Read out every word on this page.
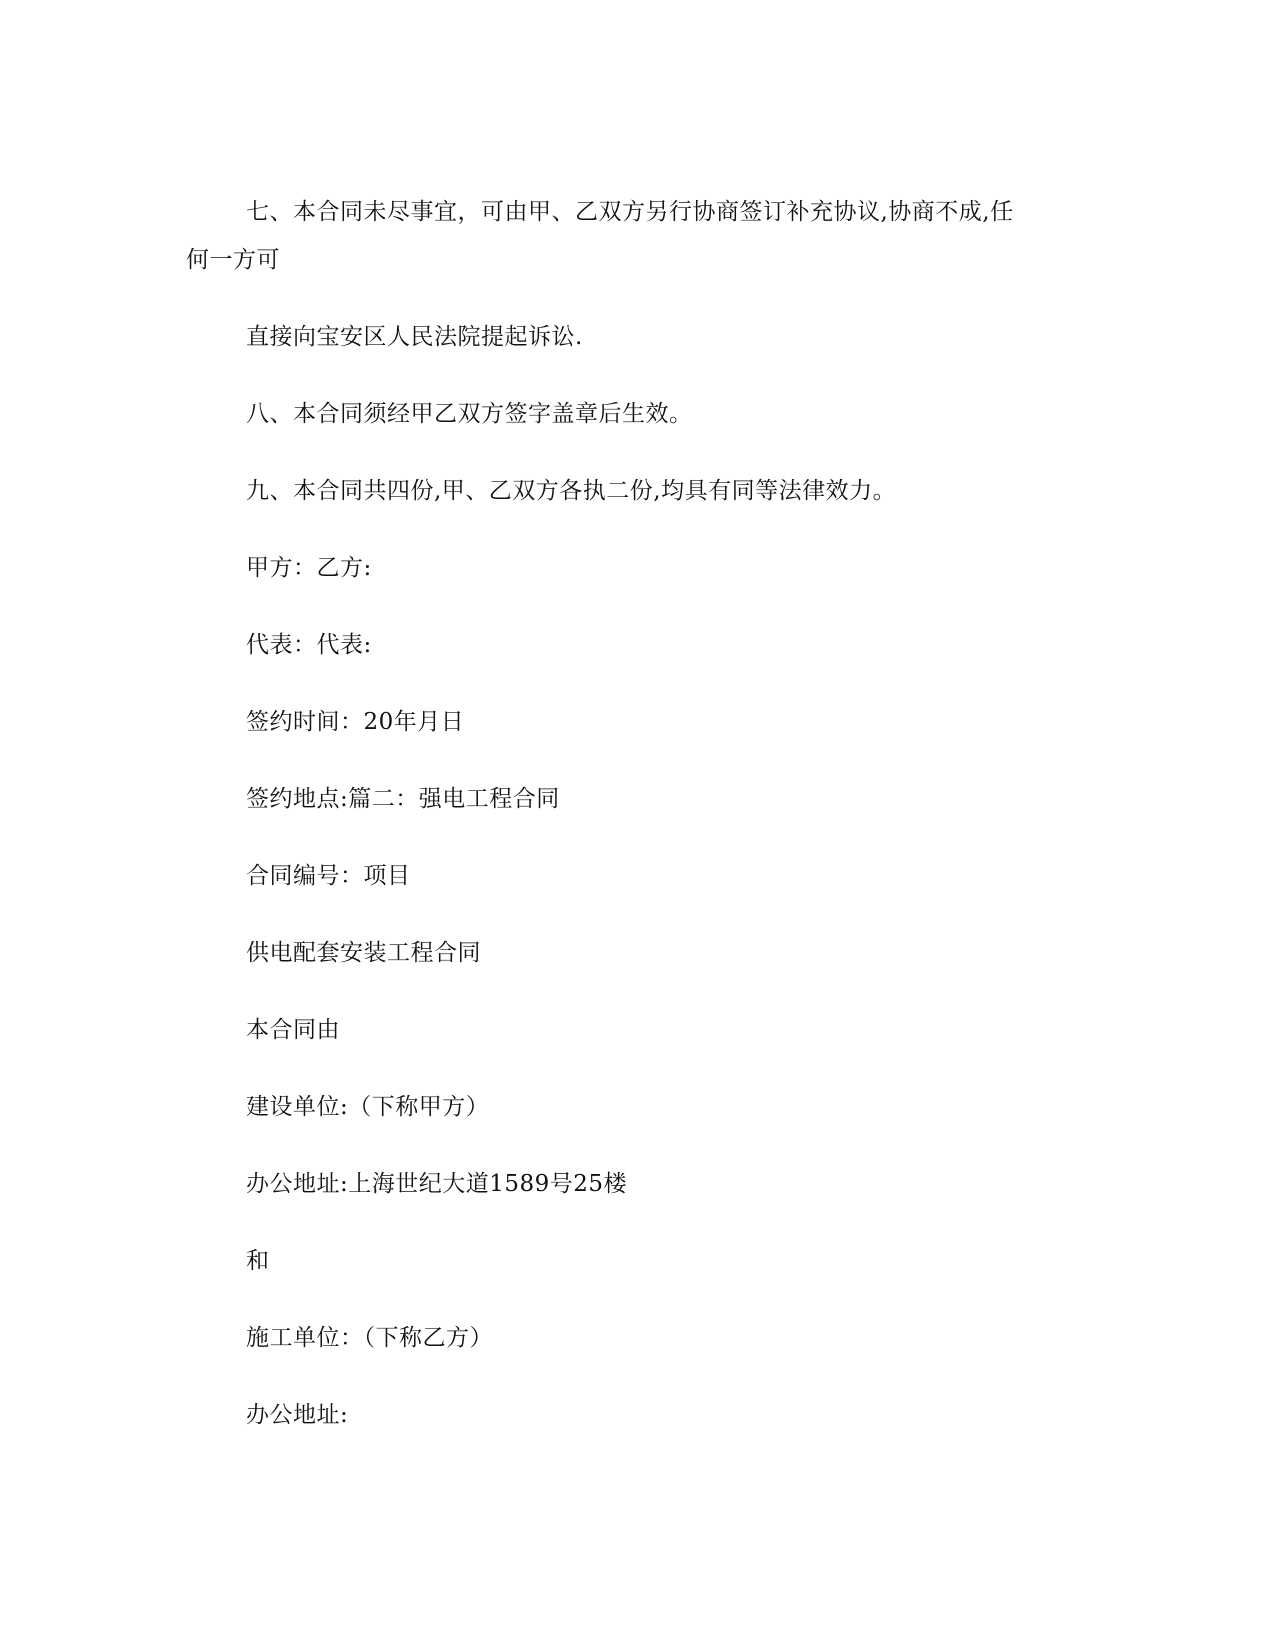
七、本合同未尽事宜，可由甲、乙双方另行协商签订补充协议,协商不成,任
何一方可
直接向宝安区人民法院提起诉讼.
八、本合同须经甲乙双方签字盖章后生效。
九、本合同共四份,甲、乙双方各执二份,均具有同等法律效力。
甲方：乙方:
代表：代表:
签约时间：20年月日
签约地点:篇二：强电工程合同
合同编号：项目
供电配套安装工程合同
本合同由
建设单位:（下称甲方）
办公地址:上海世纪大道1589号25楼
和
施工单位：（下称乙方）
办公地址:
